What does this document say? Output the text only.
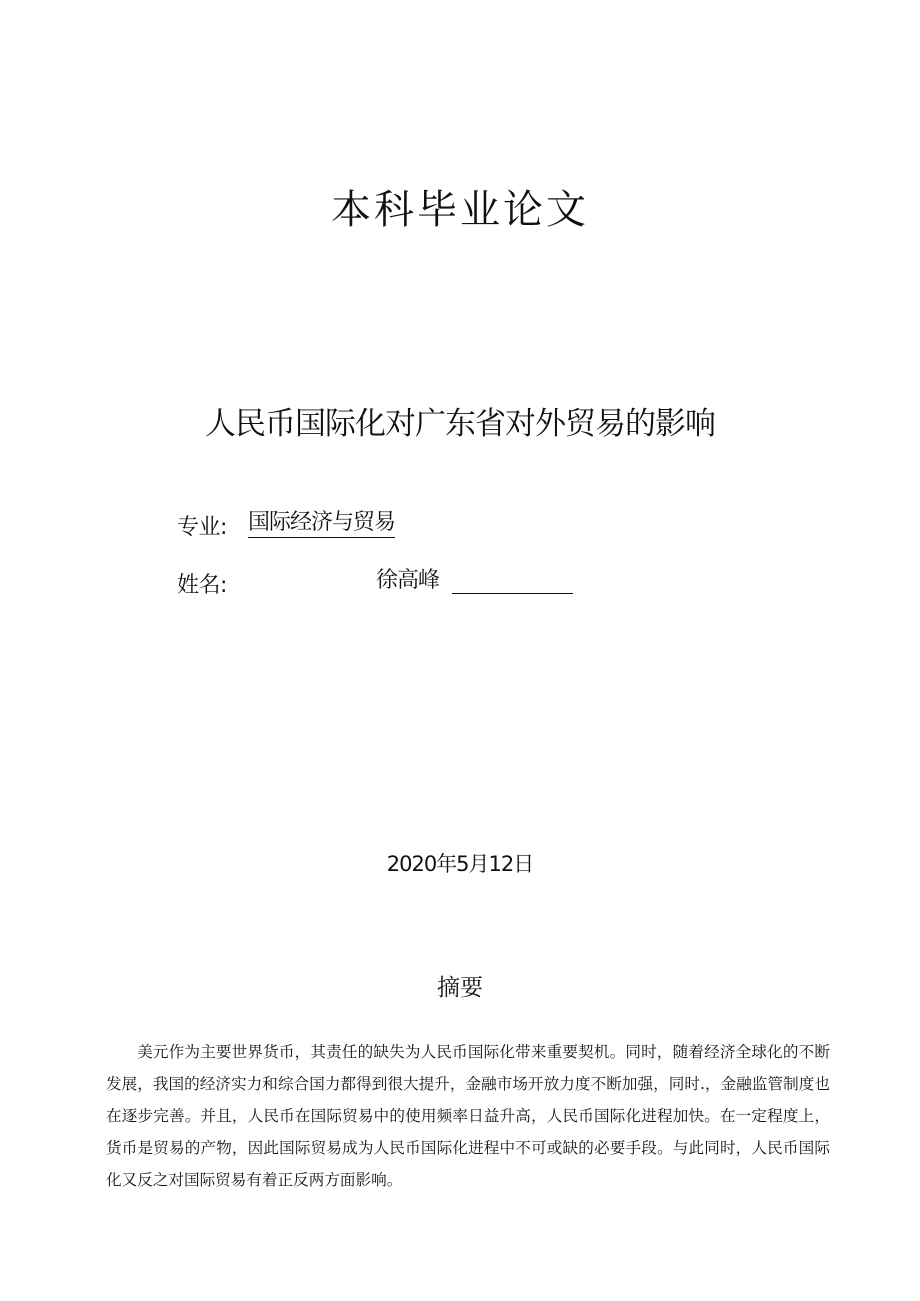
本科毕业论文
人民币国际化对广东省对外贸易的影响
专业: 国际经济与贸易
姓名:	徐高峰
2020年5月12日
摘要

美元作为主要世界货币，其责任的缺失为人民币国际化带来重要契机。同时，随着经济全球化的不断发展，我国的经济实力和综合国力都得到很大提升，金融市场开放力度不断加强，同时.，金融监管制度也在逐步完善。并且，人民币在国际贸易中的使用频率日益升高，人民币国际化进程加快。在一定程度上，货币是贸易的产物，因此国际贸易成为人民币国际化进程中不可或缺的必要手段。与此同时，人民币国际化又反之对国际贸易有着正反两方面影响。
